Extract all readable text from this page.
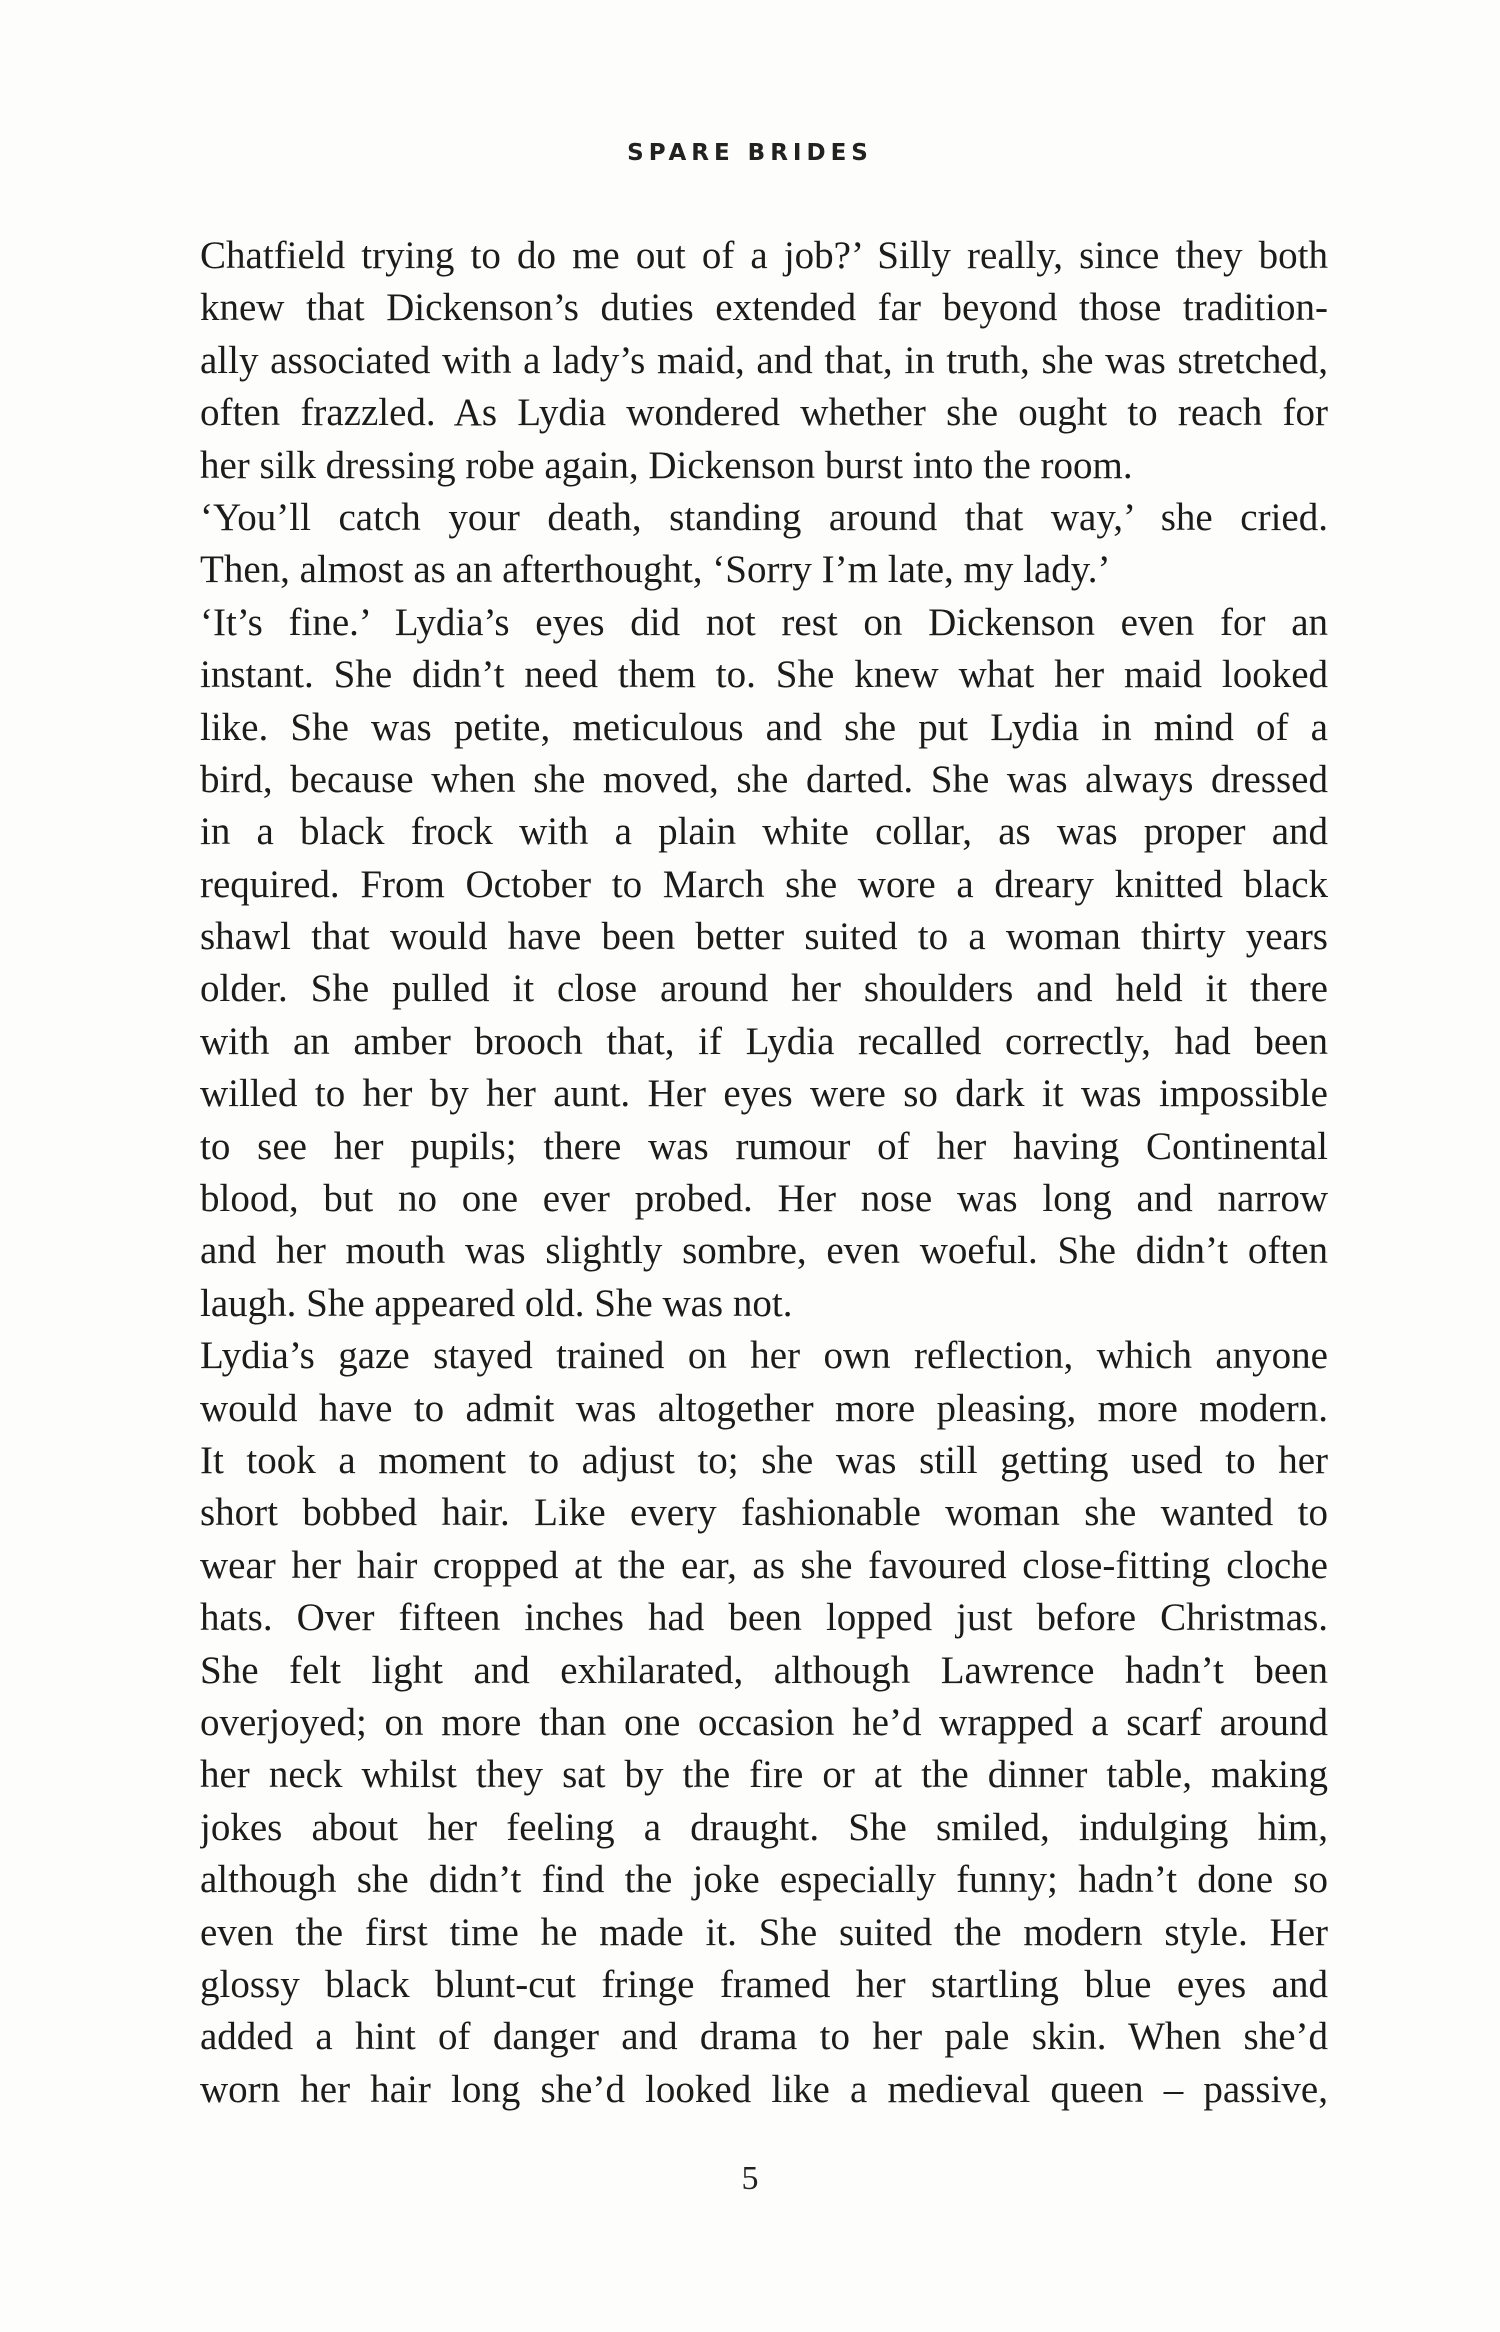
SPARE BRIDES
Chatfield trying to do me out of a job?’ Silly really, since they both
knew that Dickenson’s duties extended far beyond those tradition-
ally associated with a lady’s maid, and that, in truth, she was stretched,
often frazzled. As Lydia wondered whether she ought to reach for
her silk dressing robe again, Dickenson burst into the room.
‘You’ll catch your death, standing around that way,’ she cried.
Then, almost as an afterthought, ‘Sorry I’m late, my lady.’
‘It’s fine.’ Lydia’s eyes did not rest on Dickenson even for an
instant. She didn’t need them to. She knew what her maid looked
like. She was petite, meticulous and she put Lydia in mind of a
bird, because when she moved, she darted. She was always dressed
in a black frock with a plain white collar, as was proper and
required. From October to March she wore a dreary knitted black
shawl that would have been better suited to a woman thirty years
older. She pulled it close around her shoulders and held it there
with an amber brooch that, if Lydia recalled correctly, had been
willed to her by her aunt. Her eyes were so dark it was impossible
to see her pupils; there was rumour of her having Continental
blood, but no one ever probed. Her nose was long and narrow
and her mouth was slightly sombre, even woeful. She didn’t often
laugh. She appeared old. She was not.
Lydia’s gaze stayed trained on her own reflection, which anyone
would have to admit was altogether more pleasing, more modern.
It took a moment to adjust to; she was still getting used to her
short bobbed hair. Like every fashionable woman she wanted to
wear her hair cropped at the ear, as she favoured close-fitting cloche
hats. Over fifteen inches had been lopped just before Christmas.
She felt light and exhilarated, although Lawrence hadn’t been
overjoyed; on more than one occasion he’d wrapped a scarf around
her neck whilst they sat by the fire or at the dinner table, making
jokes about her feeling a draught. She smiled, indulging him,
although she didn’t find the joke especially funny; hadn’t done so
even the first time he made it. She suited the modern style. Her
glossy black blunt-cut fringe framed her startling blue eyes and
added a hint of danger and drama to her pale skin. When she’d
worn her hair long she’d looked like a medieval queen – passive,
5
